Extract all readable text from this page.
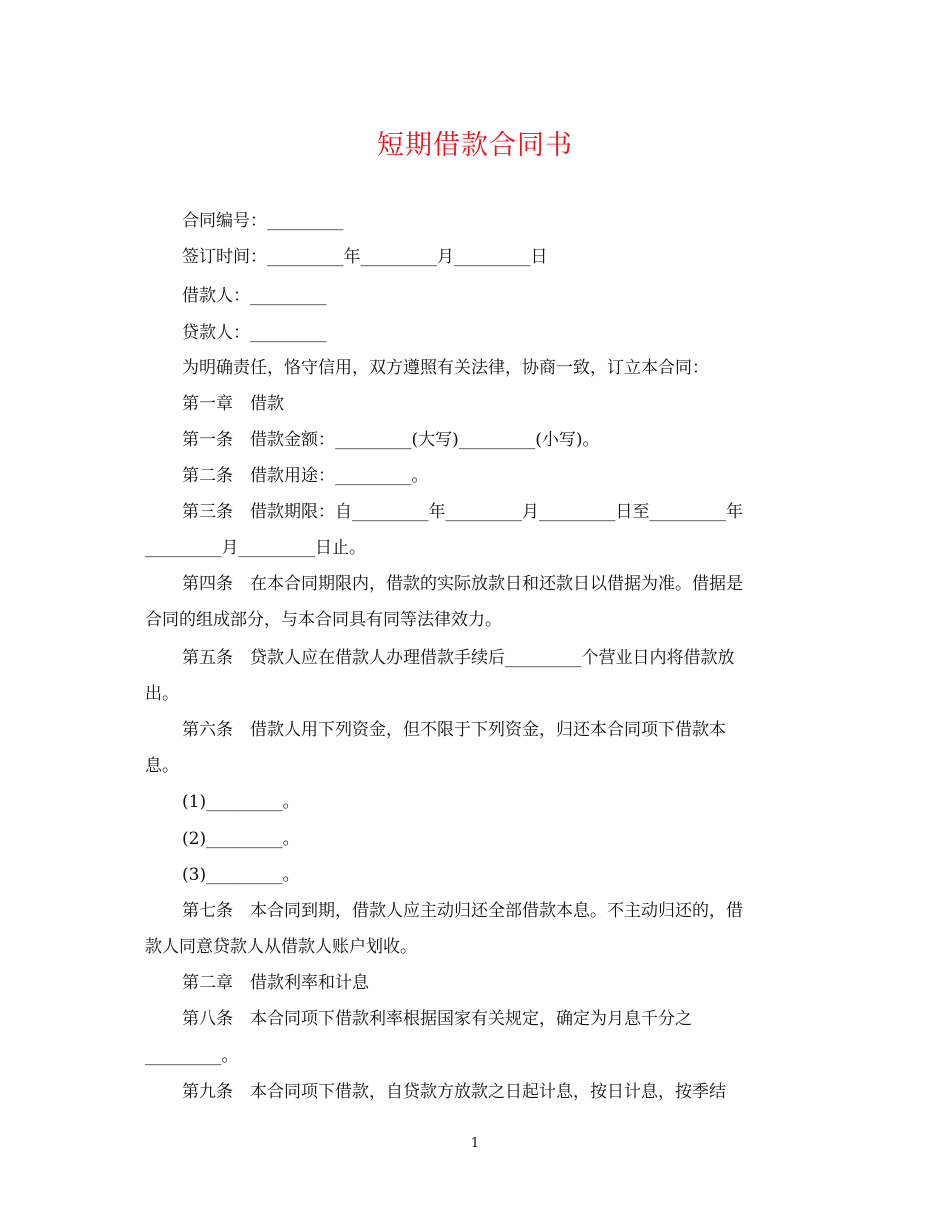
短期借款合同书
合同编号：_________
签订时间：_________年_________月_________日
借款人：_________
贷款人：_________
为明确责任，恪守信用，双方遵照有关法律，协商一致，订立本合同：
第一章　借款
第一条　借款金额：_________(大写)_________(小写)。
第二条　借款用途：_________。
第三条　借款期限：自_________年_________月_________日至_________年
_________月_________日止。
第四条　在本合同期限内，借款的实际放款日和还款日以借据为准。借据是
合同的组成部分，与本合同具有同等法律效力。
第五条　贷款人应在借款人办理借款手续后_________个营业日内将借款放
出。
第六条　借款人用下列资金，但不限于下列资金，归还本合同项下借款本
息。
(1)_________。
(2)_________。
(3)_________。
第七条　本合同到期，借款人应主动归还全部借款本息。不主动归还的，借
款人同意贷款人从借款人账户划收。
第二章　借款利率和计息
第八条　本合同项下借款利率根据国家有关规定，确定为月息千分之
_________。
第九条　本合同项下借款，自贷款方放款之日起计息，按日计息，按季结
1
